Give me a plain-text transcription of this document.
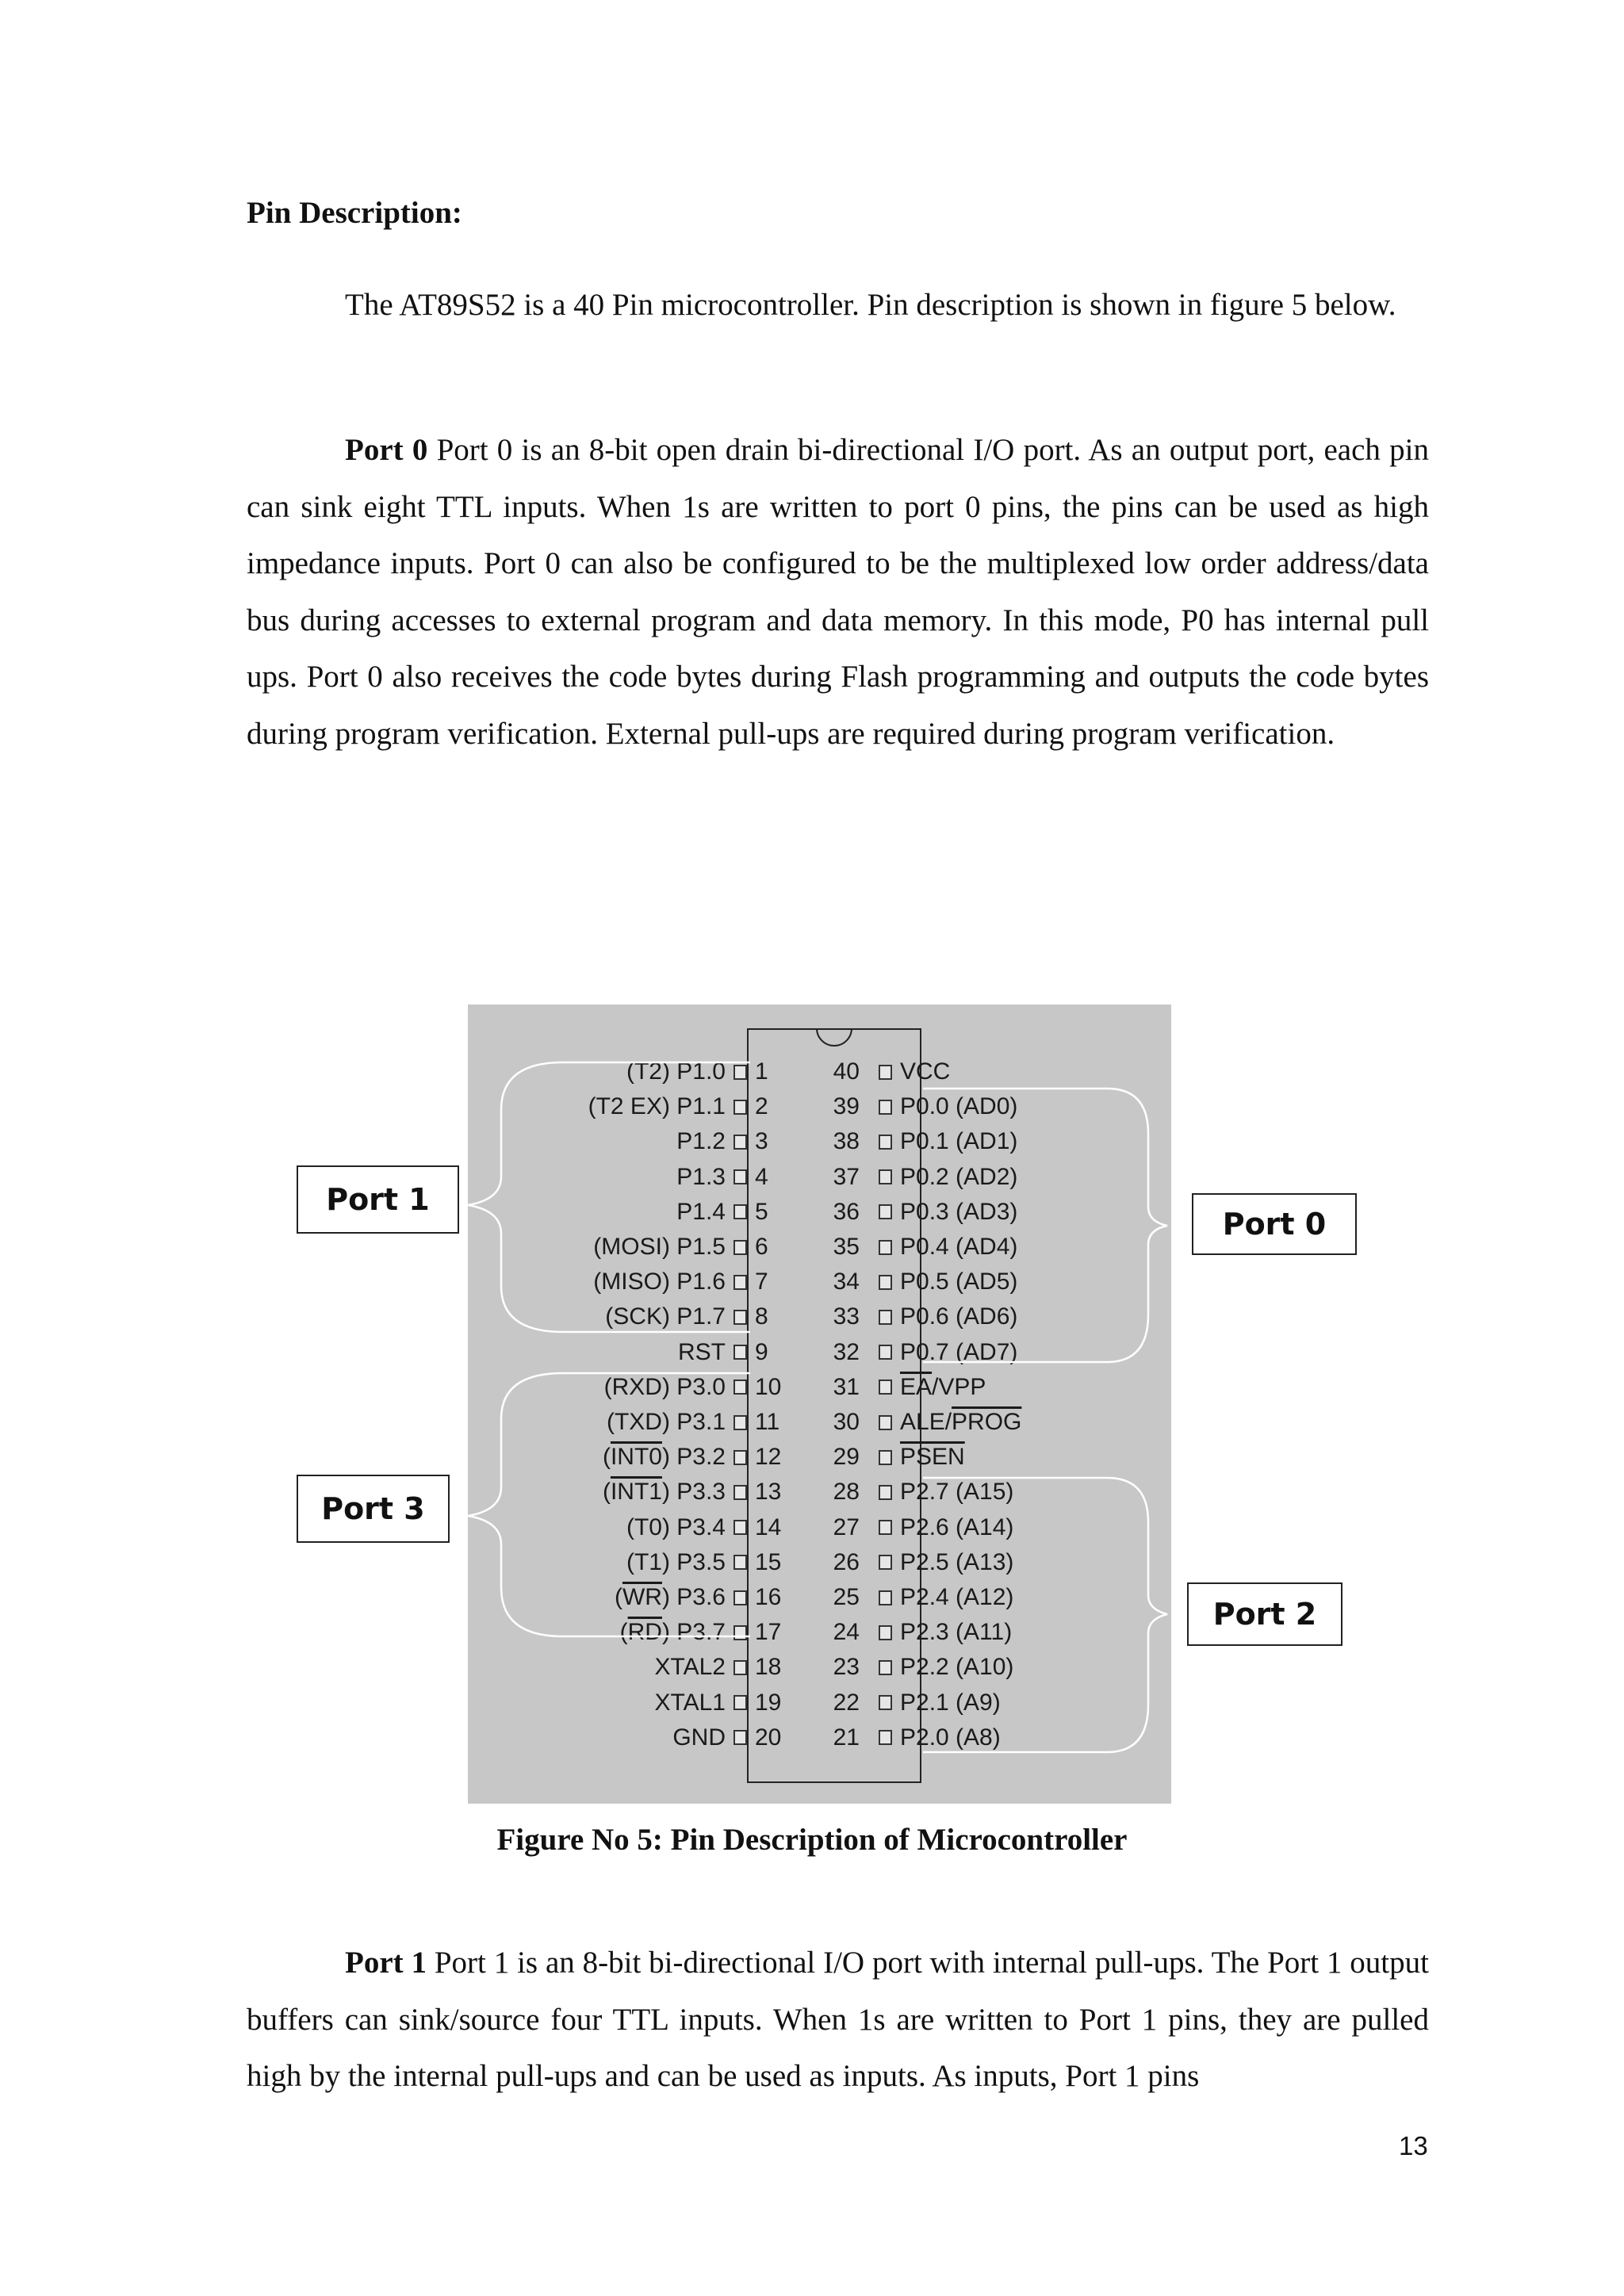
Pin Description:

The AT89S52 is a 40 Pin microcontroller. Pin description is shown in figure 5 below.

Port 0 Port 0 is an 8-bit open drain bi-directional I/O port. As an output port, each pin can sink eight TTL inputs. When 1s are written to port 0 pins, the pins can be used as high impedance inputs. Port 0 can also be configured to be the multiplexed low order address/data bus during accesses to external program and data memory. In this mode, P0 has internal pull ups. Port 0 also receives the code bytes during Flash programming and outputs the code bytes during program verification. External pull-ups are required during program verification.

(T2) P1.0 1
(T2 EX) P1.1 2
P1.2 3
P1.3 4
P1.4 5
(MOSI) P1.5 6
(MISO) P1.6 7
(SCK) P1.7 8
RST 9
(RXD) P3.0 10
(TXD) P3.1 11
(INT0) P3.2 12
(INT1) P3.3 13
(T0) P3.4 14
(T1) P3.5 15
$(\overline{WR})$ P3.6 16
$(\overline{RD})$ P3.7 17
XTAL2 18
XTAL1 19
GND 20
VCC
40
P0.0 (AD0)
39
P0.1 (AD1)
38
P0.2 (AD2)
37
P0.3 (AD3)
36
P0.4 (AD4)
35
P0.5 (AD5)
34
P0.6 (AD6)
33
P0.7 (AD7)
32
$\overline{EA}$/VPP
31
ALE/PROG
30
PSEN
29
P2.7 (A15)
28
P2.6 (A14)
27
P2.5 (A13)
26
P2.4 (A12)
25
P2.3 (A11)
24
P2.2 (A10)
23
P2.1 (A9)
22
P2.0 (A8)
21
Port 1
Port 3
Port 0
Port 2

Figure No 5: Pin Description of Microcontroller

Port 1 Port 1 is an 8-bit bi-directional I/O port with internal pull-ups. The Port 1 output buffers can sink/source four TTL inputs. When 1s are written to Port 1 pins, they are pulled high by the internal pull-ups and can be used as inputs. As inputs, Port 1 pins

13
